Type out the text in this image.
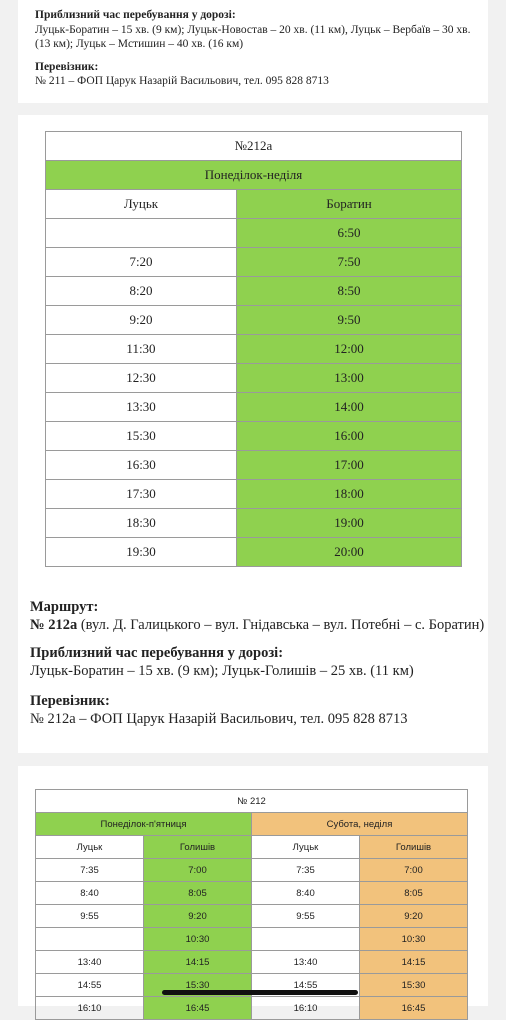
Приблизний час перебування у дорозі:
Луцьк-Боратин – 15 хв. (9 км); Луцьк-Новостав – 20 хв. (11 км), Луцьк – Вербаїв – 30 хв.
(13 км); Луцьк – Мстишин – 40 хв. (16 км)
Перевізник:
№ 211 – ФОП Царук Назарій Васильович, тел. 095 828 8713
№212а	
Понеділок-неділя	
Луцьк	Боратин
	6:50
7:20	7:50
8:20	8:50
9:20	9:50
11:30	12:00
12:30	13:00
13:30	14:00
15:30	16:00
16:30	17:00
17:30	18:00
18:30	19:00
19:30	20:00
Маршрут:
№ 212а (вул. Д. Галицького – вул. Гнідавська – вул. Потебні – с. Боратин)
Приблизний час перебування у дорозі:
Луцьк-Боратин – 15 хв. (9 км); Луцьк-Голишів – 25 хв. (11 км)
Перевізник:
№ 212а – ФОП Царук Назарій Васильович, тел. 095 828 8713
№ 212			
Понеділок-п'ятниця		Субота, неділя	
Луцьк	Голишів	Луцьк	Голишів
7:35	7:00	7:35	7:00
8:40	8:05	8:40	8:05
9:55	9:20	9:55	9:20
	10:30		10:30
13:40	14:15	13:40	14:15
14:55	15:30	14:55	15:30
16:10	16:45	16:10	16:45
